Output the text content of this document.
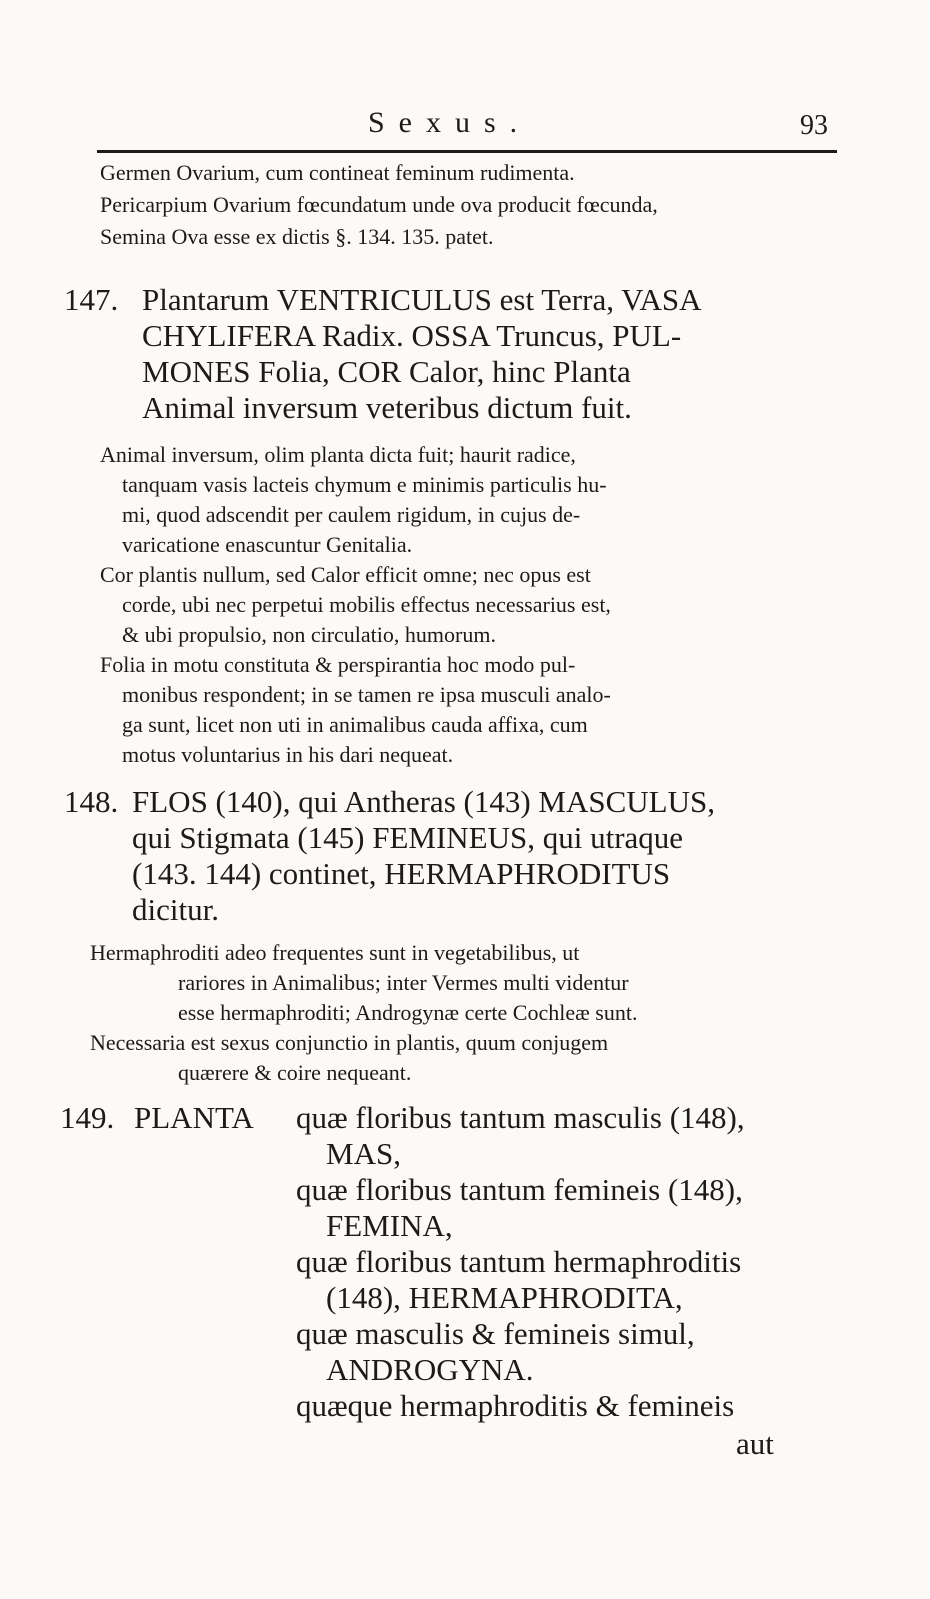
Sexus.	93
Germen Ovarium, cum contineat feminum rudimenta.
Pericarpium Ovarium fœcundatum unde ova producit fœcunda,
Semina Ova esse ex dictis §. 134. 135. patet.
147. Plantarum VENTRICULUS est Terra, VASA
CHYLIFERA Radix. OSSA Truncus, PUL-
MONES Folia, COR Calor, hinc Planta
Animal inversum veteribus dictum fuit.
Animal inversum, olim planta dicta fuit; haurit radice,
tanquam vasis lacteis chymum e minimis particulis hu-
mi, quod adscendit per caulem rigidum, in cujus de-
varicatione enascuntur Genitalia.
Cor plantis nullum, sed Calor efficit omne; nec opus est
corde, ubi nec perpetui mobilis effectus necessarius est,
& ubi propulsio, non circulatio, humorum.
Folia in motu constituta & perspirantia hoc modo pul-
monibus respondent; in se tamen re ipsa musculi analo-
ga sunt, licet non uti in animalibus cauda affixa, cum
motus voluntarius in his dari nequeat.
148. FLOS (140), qui Antheras (143) MASCULUS,
qui Stigmata (145) FEMINEUS, qui utraque
(143. 144) continet, HERMAPHRODITUS
dicitur.
Hermaphroditi adeo frequentes sunt in vegetabilibus, ut
rariores in Animalibus; inter Vermes multi videntur
esse hermaphroditi; Androgynæ certe Cochleæ sunt.
Necessaria est sexus conjunctio in plantis, quum conjugem
quærere & coire nequeant.
149. PLANTA quæ floribus tantum masculis (148),
MAS,
quæ floribus tantum femineis (148),
FEMINA,
quæ floribus tantum hermaphroditis
(148), HERMAPHRODITA,
quæ masculis & femineis simul,
ANDROGYNA.
quæque hermaphroditis & femineis
aut
